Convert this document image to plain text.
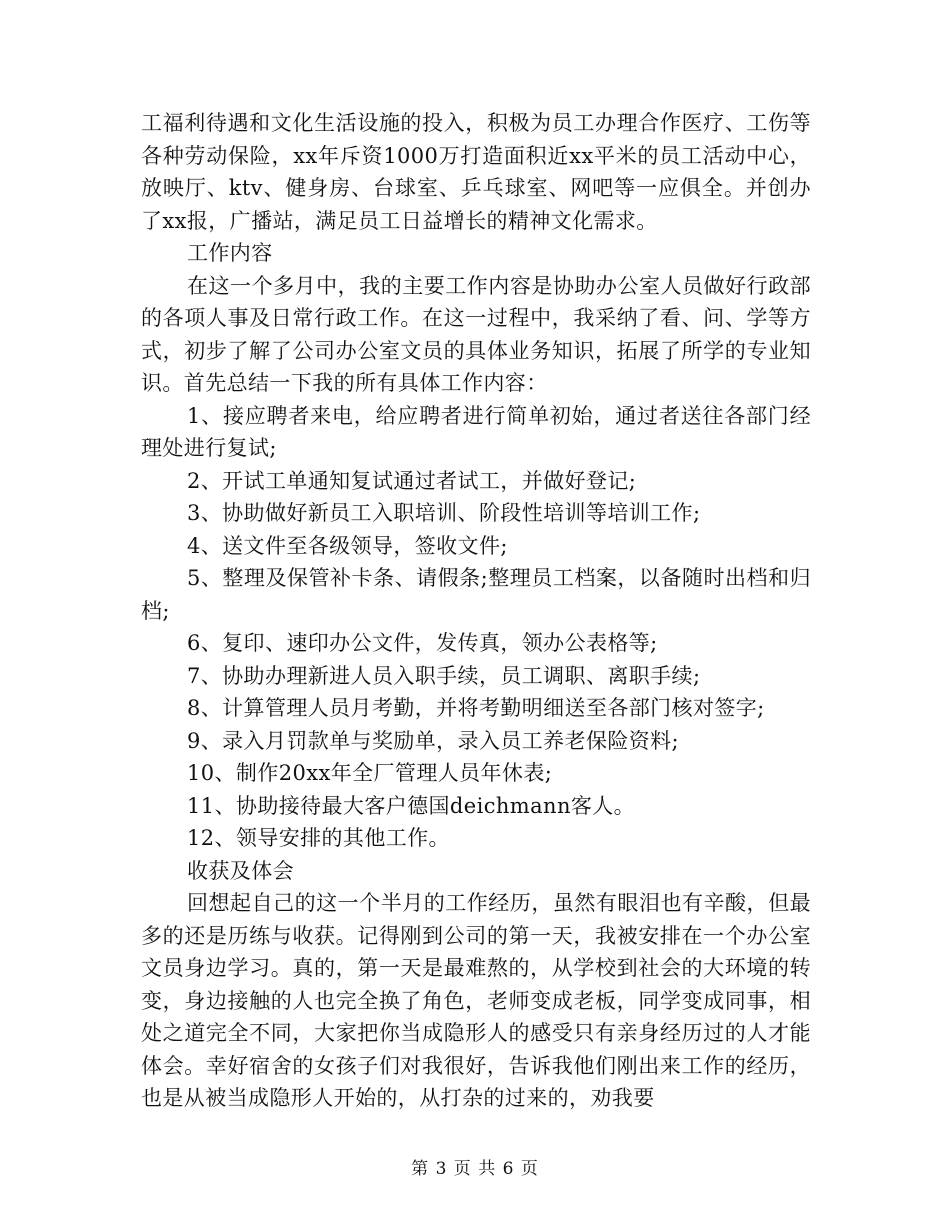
工福利待遇和文化生活设施的投入，积极为员工办理合作医疗、工伤等各种劳动保险，xx年斥资1000万打造面积近xx平米的员工活动中心，放映厅、ktv、健身房、台球室、乒乓球室、网吧等一应俱全。并创办了xx报，广播站，满足员工日益增长的精神文化需求。

工作内容

在这一个多月中，我的主要工作内容是协助办公室人员做好行政部的各项人事及日常行政工作。在这一过程中，我采纳了看、问、学等方式，初步了解了公司办公室文员的具体业务知识，拓展了所学的专业知识。首先总结一下我的所有具体工作内容：

1、接应聘者来电，给应聘者进行简单初始，通过者送往各部门经理处进行复试;

2、开试工单通知复试通过者试工，并做好登记;

3、协助做好新员工入职培训、阶段性培训等培训工作;

4、送文件至各级领导，签收文件;

5、整理及保管补卡条、请假条;整理员工档案，以备随时出档和归档;

6、复印、速印办公文件，发传真，领办公表格等;

7、协助办理新进人员入职手续，员工调职、离职手续;

8、计算管理人员月考勤，并将考勤明细送至各部门核对签字;

9、录入月罚款单与奖励单，录入员工养老保险资料;

10、制作20xx年全厂管理人员年休表;

11、协助接待最大客户德国deichmann客人。

12、领导安排的其他工作。

收获及体会

回想起自己的这一个半月的工作经历，虽然有眼泪也有辛酸，但最多的还是历练与收获。记得刚到公司的第一天，我被安排在一个办公室文员身边学习。真的，第一天是最难熬的，从学校到社会的大环境的转变，身边接触的人也完全换了角色，老师变成老板，同学变成同事，相处之道完全不同，大家把你当成隐形人的感受只有亲身经历过的人才能体会。幸好宿舍的女孩子们对我很好，告诉我他们刚出来工作的经历，也是从被当成隐形人开始的，从打杂的过来的，劝我要

第 3 页 共 6 页
